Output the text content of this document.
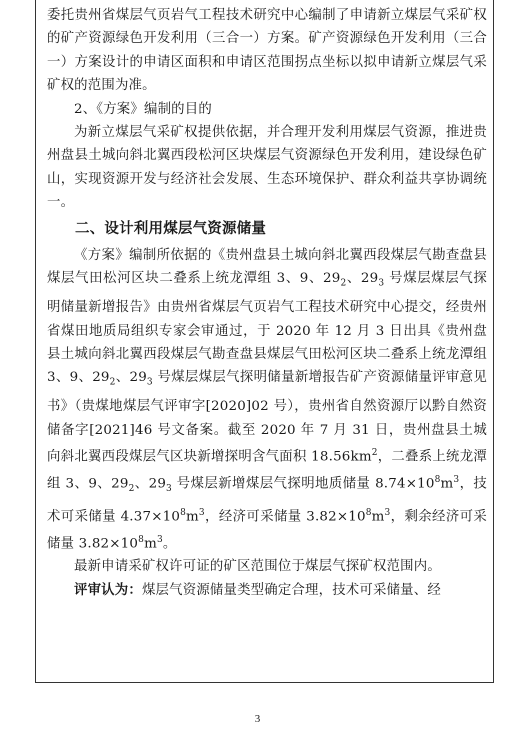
委托贵州省煤层气页岩气工程技术研究中心编制了申请新立煤层气采矿权的矿产资源绿色开发利用（三合一）方案。矿产资源绿色开发利用（三合一）方案设计的申请区面积和申请区范围拐点坐标以拟申请新立煤层气采矿权的范围为准。

2、《方案》编制的目的

为新立煤层气采矿权提供依据，并合理开发利用煤层气资源，推进贵州盘县土城向斜北翼西段松河区块煤层气资源绿色开发利用，建设绿色矿山，实现资源开发与经济社会发展、生态环境保护、群众利益共享协调统一。

二、设计利用煤层气资源储量

《方案》编制所依据的《贵州盘县土城向斜北翼西段煤层气勘查盘县煤层气田松河区块二叠系上统龙潭组 3、9、$29_2$、$29_3$ 号煤层煤层气探明储量新增报告》由贵州省煤层气页岩气工程技术研究中心提交，经贵州省煤田地质局组织专家会审通过，于 2020 年 12 月 3 日出具《贵州盘县土城向斜北翼西段煤层气勘查盘县煤层气田松河区块二叠系上统龙潭组 3、9、$29_2$、$29_3$ 号煤层煤层气探明储量新增报告矿产资源储量评审意见书》（贵煤地煤层气评审字[2020]02 号），贵州省自然资源厅以黔自然资储备字[2021]46 号文备案。截至 2020 年 7 月 31 日，贵州盘县土城向斜北翼西段煤层气区块新增探明含气面积 $18.56km^2$，二叠系上统龙潭组 3、9、$29_2$、$29_3$ 号煤层新增煤层气探明地质储量 $8.74\times 10^8m^3$，技术可采储量 $4.37\times 10^8m^3$，经济可采储量 $3.82\times 10^8m^3$，剩余经济可采储量 $3.82\times 10^8m^3$。

最新申请采矿权许可证的矿区范围位于煤层气探矿权范围内。

评审认为：煤层气资源储量类型确定合理，技术可采储量、经

3
